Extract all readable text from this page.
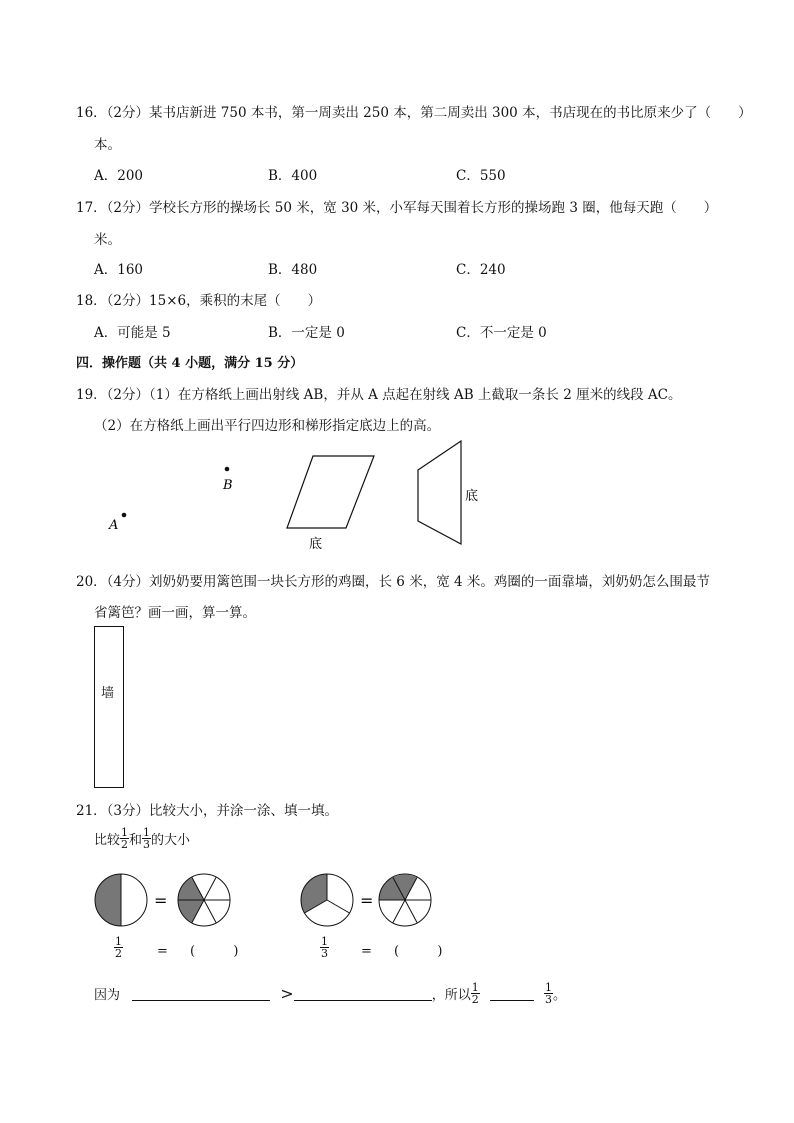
16．（2分）某书店新进 750 本书，第一周卖出 250 本，第二周卖出 300 本，书店现在的书比原来少了（　　）
本。
A．200	B．400	C．550
17．（2分）学校长方形的操场长 50 米，宽 30 米，小军每天围着长方形的操场跑 3 圈，他每天跑（　　）
米。
A．160	B．480	C．240
18．（2分）15×6，乘积的末尾（　　）
A．可能是 5	B．一定是 0	C．不一定是 0
四．操作题（共 4 小题，满分 15 分）
19．（2分）（1）在方格纸上画出射线 AB，并从 A 点起在射线 AB 上截取一条长 2 厘米的线段 AC。
（2）在方格纸上画出平行四边形和梯形指定底边上的高。
B
A
底
底
20．（4分）刘奶奶要用篱笆围一块长方形的鸡圈，长 6 米，宽 4 米。鸡圈的一面靠墙，刘奶奶怎么围最节
省篱笆？画一画，算一算。
墙
21．（3分）比较大小，并涂一涂、填一填。
比较 $\frac{1}{2}$ 和 $\frac{1}{3}$ 的大小
=	=
$\frac{1}{2}$	= (	)	$\frac{1}{3}$ = (	)
因为	>	，所以 $\frac{1}{2}$
	$\frac{1}{3}$ 。
